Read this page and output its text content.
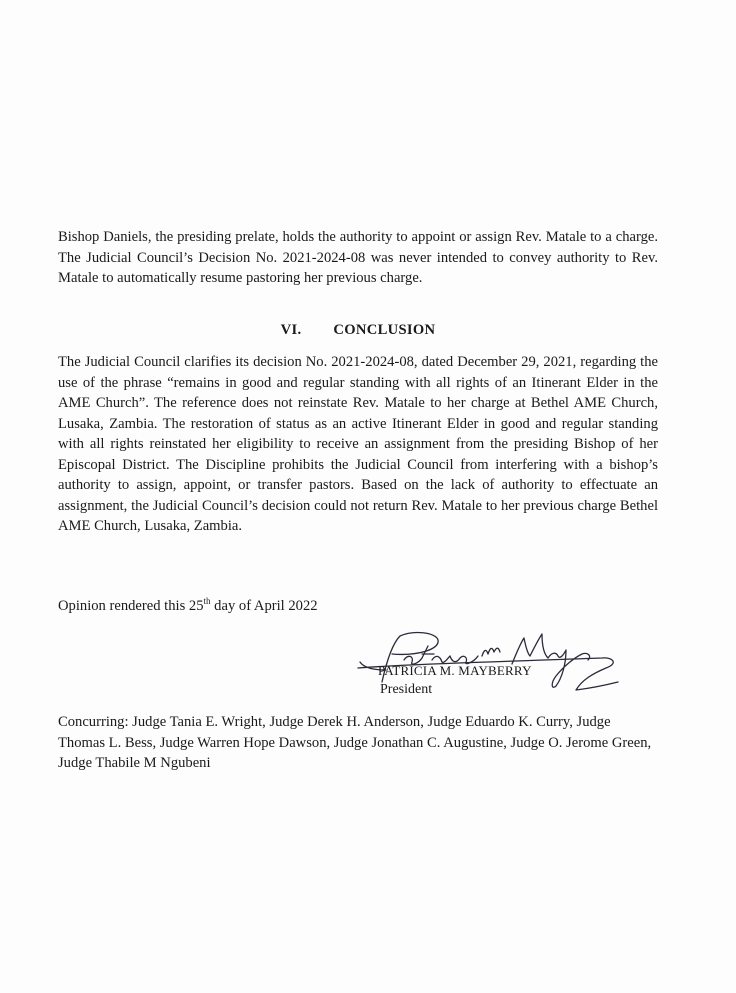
Bishop Daniels, the presiding prelate, holds the authority to appoint or assign Rev. Matale to a charge. The Judicial Council’s Decision No. 2021-2024-08 was never intended to convey authority to Rev. Matale to automatically resume pastoring her previous charge.

VI. CONCLUSION

The Judicial Council clarifies its decision No. 2021-2024-08, dated December 29, 2021, regarding the use of the phrase “remains in good and regular standing with all rights of an Itinerant Elder in the AME Church”. The reference does not reinstate Rev. Matale to her charge at Bethel AME Church, Lusaka, Zambia. The restoration of status as an active Itinerant Elder in good and regular standing with all rights reinstated her eligibility to receive an assignment from the presiding Bishop of her Episcopal District. The Discipline prohibits the Judicial Council from interfering with a bishop’s authority to assign, appoint, or transfer pastors. Based on the lack of authority to effectuate an assignment, the Judicial Council’s decision could not return Rev. Matale to her previous charge Bethel AME Church, Lusaka, Zambia.

Opinion rendered this 25th day of April 2022
PATRICIA M. MAYBERRY
President

Concurring: Judge Tania E. Wright, Judge Derek H. Anderson, Judge Eduardo K. Curry, Judge Thomas L. Bess, Judge Warren Hope Dawson, Judge Jonathan C. Augustine, Judge O. Jerome Green, Judge Thabile M Ngubeni
